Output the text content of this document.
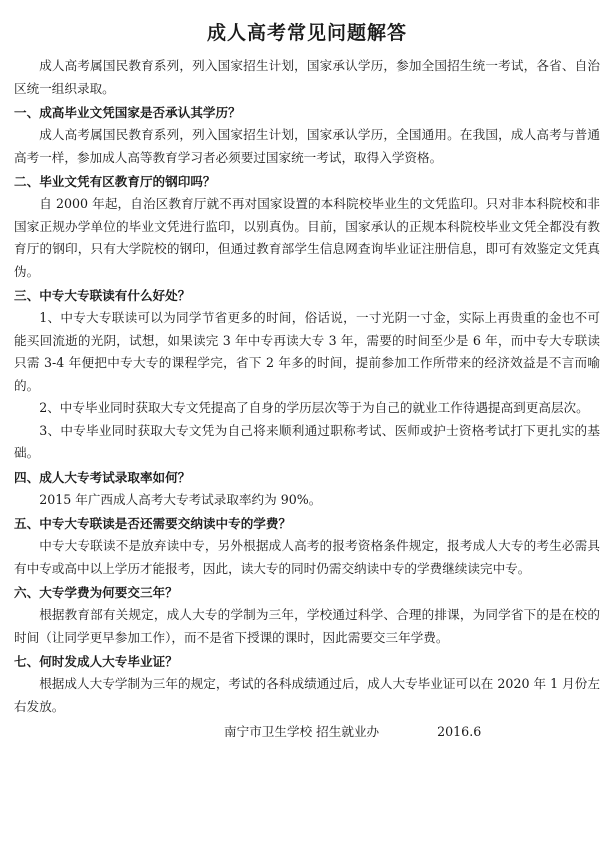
成人高考常见问题解答

成人高考属国民教育系列，列入国家招生计划，国家承认学历，参加全国招生统一考试，各省、自治区统一组织录取。

一、成高毕业文凭国家是否承认其学历？

成人高考属国民教育系列，列入国家招生计划，国家承认学历，全国通用。在我国，成人高考与普通高考一样，参加成人高等教育学习者必须要过国家统一考试，取得入学资格。

二、毕业文凭有区教育厅的钢印吗？

自 2000 年起，自治区教育厅就不再对国家设置的本科院校毕业生的文凭监印。只对非本科院校和非国家正规办学单位的毕业文凭进行监印，以别真伪。目前，国家承认的正规本科院校毕业文凭全都没有教育厅的钢印，只有大学院校的钢印，但通过教育部学生信息网查询毕业证注册信息，即可有效鉴定文凭真伪。

三、中专大专联读有什么好处？

1、中专大专联读可以为同学节省更多的时间，俗话说，一寸光阴一寸金，实际上再贵重的金也不可能买回流逝的光阴，试想，如果读完 3 年中专再读大专 3 年，需要的时间至少是 6 年，而中专大专联读只需 3-4 年便把中专大专的课程学完，省下 2 年多的时间，提前参加工作所带来的经济效益是不言而喻的。

2、中专毕业同时获取大专文凭提高了自身的学历层次等于为自己的就业工作待遇提高到更高层次。

3、中专毕业同时获取大专文凭为自己将来顺利通过职称考试、医师或护士资格考试打下更扎实的基础。

四、成人大专考试录取率如何？

2015 年广西成人高考大专考试录取率约为 90%。

五、中专大专联读是否还需要交纳读中专的学费？

中专大专联读不是放弃读中专，另外根据成人高考的报考资格条件规定，报考成人大专的考生必需具有中专或高中以上学历才能报考，因此，读大专的同时仍需交纳读中专的学费继续读完中专。

六、大专学费为何要交三年？

根据教育部有关规定，成人大专的学制为三年，学校通过科学、合理的排课，为同学省下的是在校的时间（让同学更早参加工作），而不是省下授课的课时，因此需要交三年学费。

七、何时发成人大专毕业证？

根据成人大专学制为三年的规定，考试的各科成绩通过后，成人大专毕业证可以在 2020 年 1 月份左右发放。

南宁市卫生学校 招生就业办	2016.6
